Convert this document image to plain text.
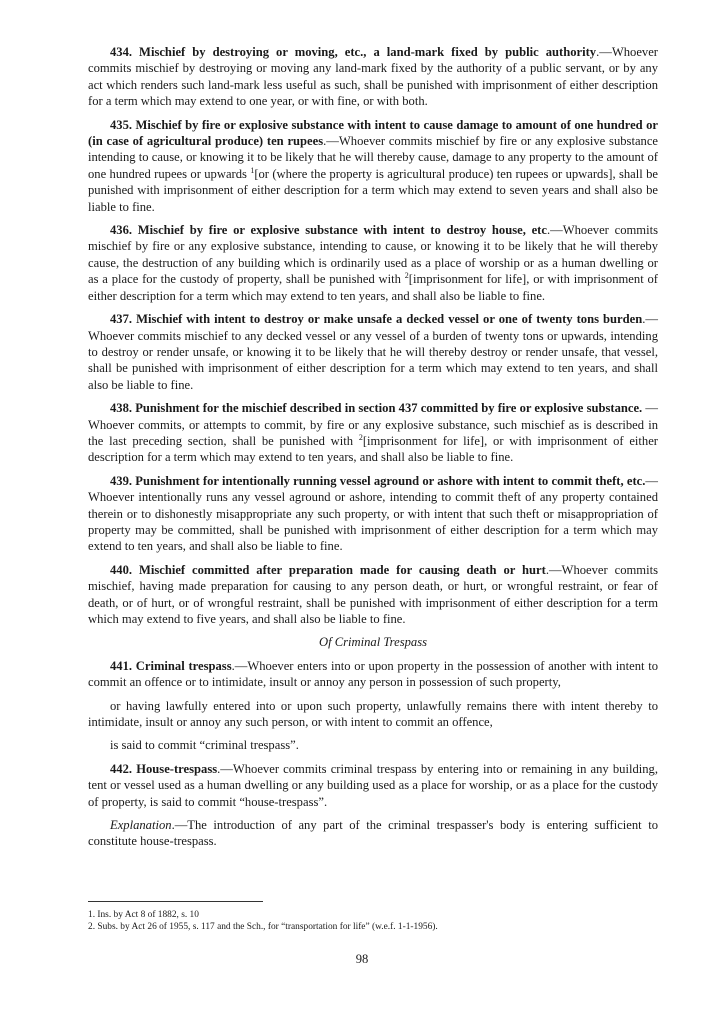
434. Mischief by destroying or moving, etc., a land-mark fixed by public authority.—Whoever commits mischief by destroying or moving any land-mark fixed by the authority of a public servant, or by any act which renders such land-mark less useful as such, shall be punished with imprisonment of either description for a term which may extend to one year, or with fine, or with both.

435. Mischief by fire or explosive substance with intent to cause damage to amount of one hundred or (in case of agricultural produce) ten rupees.—Whoever commits mischief by fire or any explosive substance intending to cause, or knowing it to be likely that he will thereby cause, damage to any property to the amount of one hundred rupees or upwards $^1$[or (where the property is agricultural produce) ten rupees or upwards], shall be punished with imprisonment of either description for a term which may extend to seven years and shall also be liable to fine.

436. Mischief by fire or explosive substance with intent to destroy house, etc.—Whoever commits mischief by fire or any explosive substance, intending to cause, or knowing it to be likely that he will thereby cause, the destruction of any building which is ordinarily used as a place of worship or as a human dwelling or as a place for the custody of property, shall be punished with $^2$[imprisonment for life], or with imprisonment of either description for a term which may extend to ten years, and shall also be liable to fine.

437. Mischief with intent to destroy or make unsafe a decked vessel or one of twenty tons burden.—Whoever commits mischief to any decked vessel or any vessel of a burden of twenty tons or upwards, intending to destroy or render unsafe, or knowing it to be likely that he will thereby destroy or render unsafe, that vessel, shall be punished with imprisonment of either description for a term which may extend to ten years, and shall also be liable to fine.

438. Punishment for the mischief described in section 437 committed by fire or explosive substance. —Whoever commits, or attempts to commit, by fire or any explosive substance, such mischief as is described in the last preceding section, shall be punished with $^2$[imprisonment for life], or with imprisonment of either description for a term which may extend to ten years, and shall also be liable to fine.

439. Punishment for intentionally running vessel aground or ashore with intent to commit theft, etc.—Whoever intentionally runs any vessel aground or ashore, intending to commit theft of any property contained therein or to dishonestly misappropriate any such property, or with intent that such theft or misappropriation of property may be committed, shall be punished with imprisonment of either description for a term which may extend to ten years, and shall also be liable to fine.

440. Mischief committed after preparation made for causing death or hurt.—Whoever commits mischief, having made preparation for causing to any person death, or hurt, or wrongful restraint, or fear of death, or of hurt, or of wrongful restraint, shall be punished with imprisonment of either description for a term which may extend to five years, and shall also be liable to fine.

Of Criminal Trespass

441. Criminal trespass.—Whoever enters into or upon property in the possession of another with intent to commit an offence or to intimidate, insult or annoy any person in possession of such property,

or having lawfully entered into or upon such property, unlawfully remains there with intent thereby to intimidate, insult or annoy any such person, or with intent to commit an offence,

is said to commit “criminal trespass”.

442. House-trespass.—Whoever commits criminal trespass by entering into or remaining in any building, tent or vessel used as a human dwelling or any building used as a place for worship, or as a place for the custody of property, is said to commit “house-trespass”.

Explanation.—The introduction of any part of the criminal trespasser's body is entering sufficient to constitute house-trespass.

1. Ins. by Act 8 of 1882, s. 10
2. Subs. by Act 26 of 1955, s. 117 and the Sch., for “transportation for life” (w.e.f. 1-1-1956).
98
